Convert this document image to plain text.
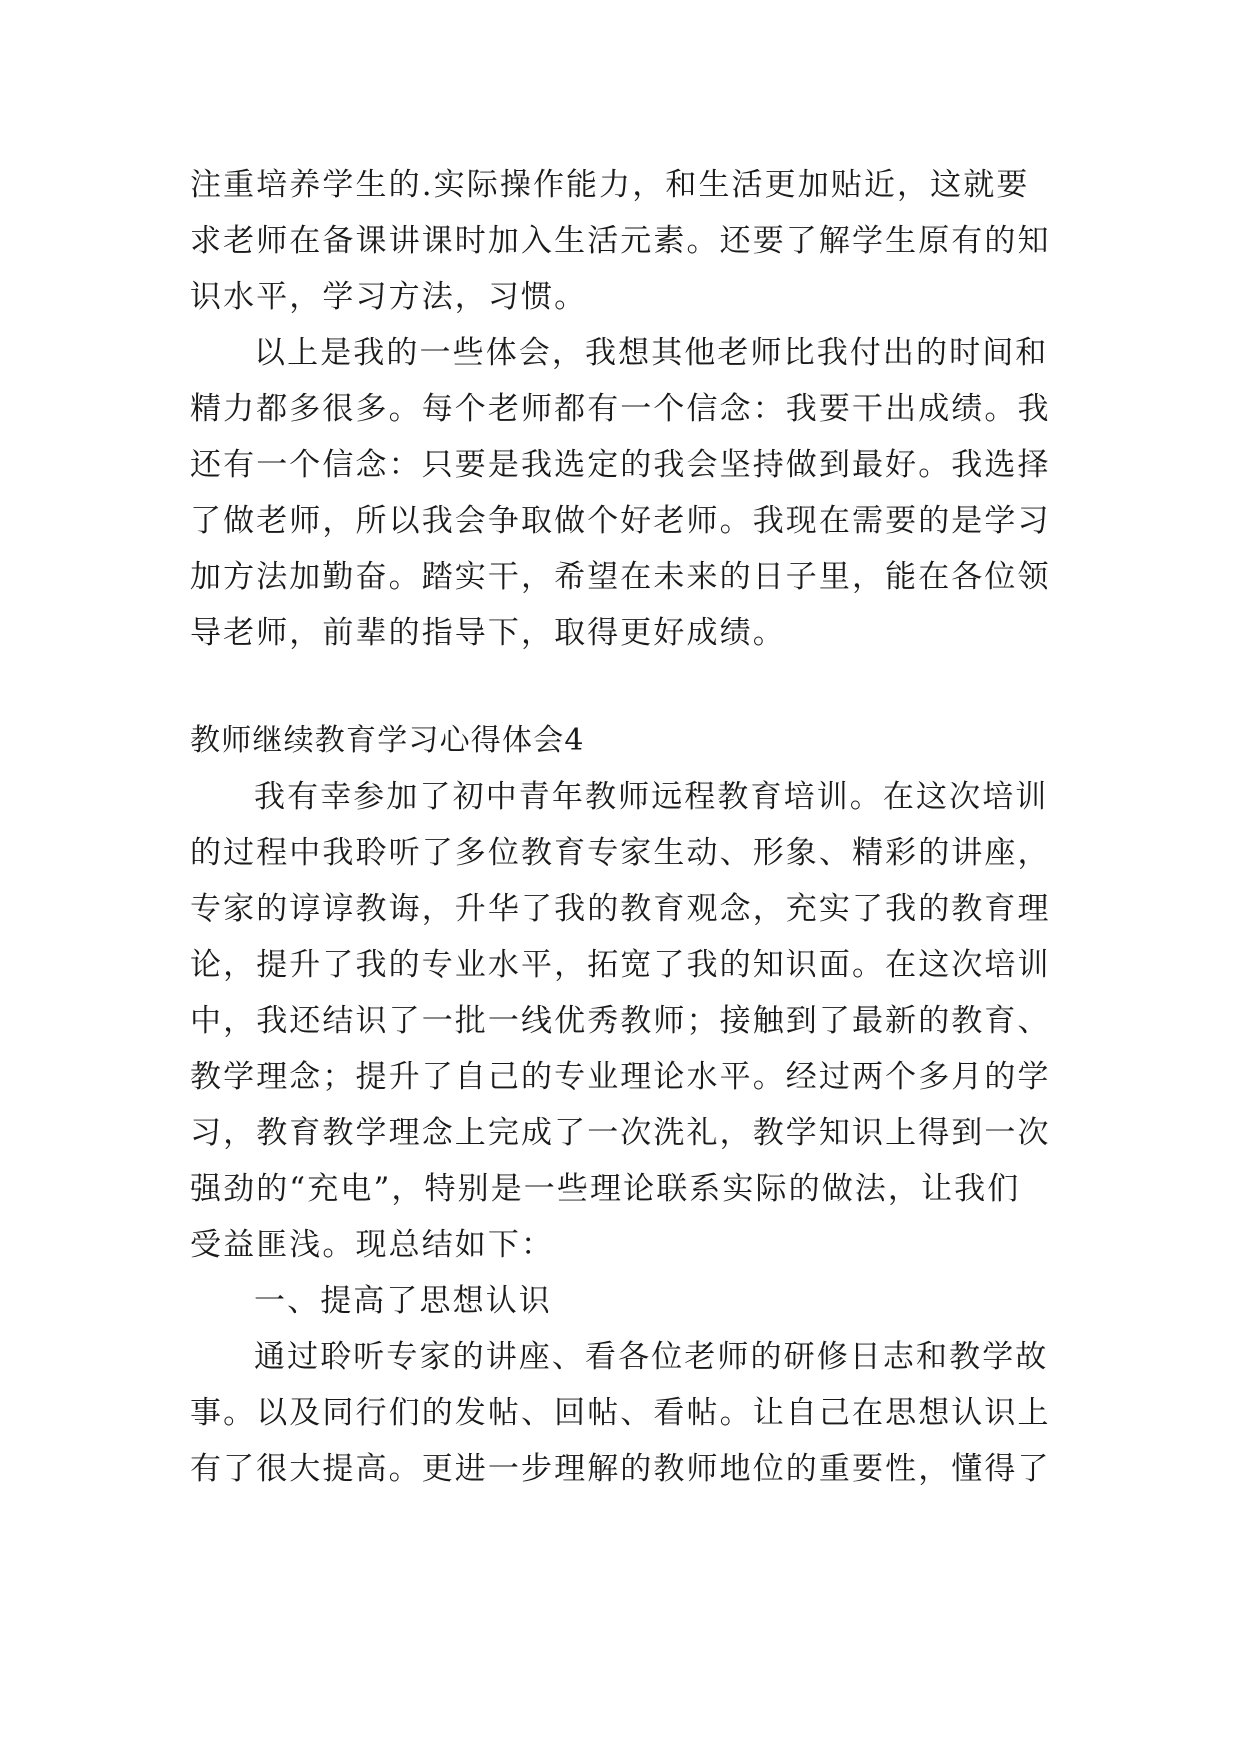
注重培养学生的.实际操作能力，和生活更加贴近，这就要
求老师在备课讲课时加入生活元素。还要了解学生原有的知
识水平，学习方法，习惯。
以上是我的一些体会，我想其他老师比我付出的时间和
精力都多很多。每个老师都有一个信念：我要干出成绩。我
还有一个信念：只要是我选定的我会坚持做到最好。我选择
了做老师，所以我会争取做个好老师。我现在需要的是学习
加方法加勤奋。踏实干，希望在未来的日子里，能在各位领
导老师，前辈的指导下，取得更好成绩。
教师继续教育学习心得体会4
我有幸参加了初中青年教师远程教育培训。在这次培训
的过程中我聆听了多位教育专家生动、形象、精彩的讲座，
专家的谆谆教诲，升华了我的教育观念，充实了我的教育理
论，提升了我的专业水平，拓宽了我的知识面。在这次培训
中，我还结识了一批一线优秀教师；接触到了最新的教育、
教学理念；提升了自己的专业理论水平。经过两个多月的学
习，教育教学理念上完成了一次洗礼，教学知识上得到一次
强劲的“充电”，特别是一些理论联系实际的做法，让我们
受益匪浅。现总结如下：
一、提高了思想认识
通过聆听专家的讲座、看各位老师的研修日志和教学故
事。以及同行们的发帖、回帖、看帖。让自己在思想认识上
有了很大提高。更进一步理解的教师地位的重要性，懂得了
